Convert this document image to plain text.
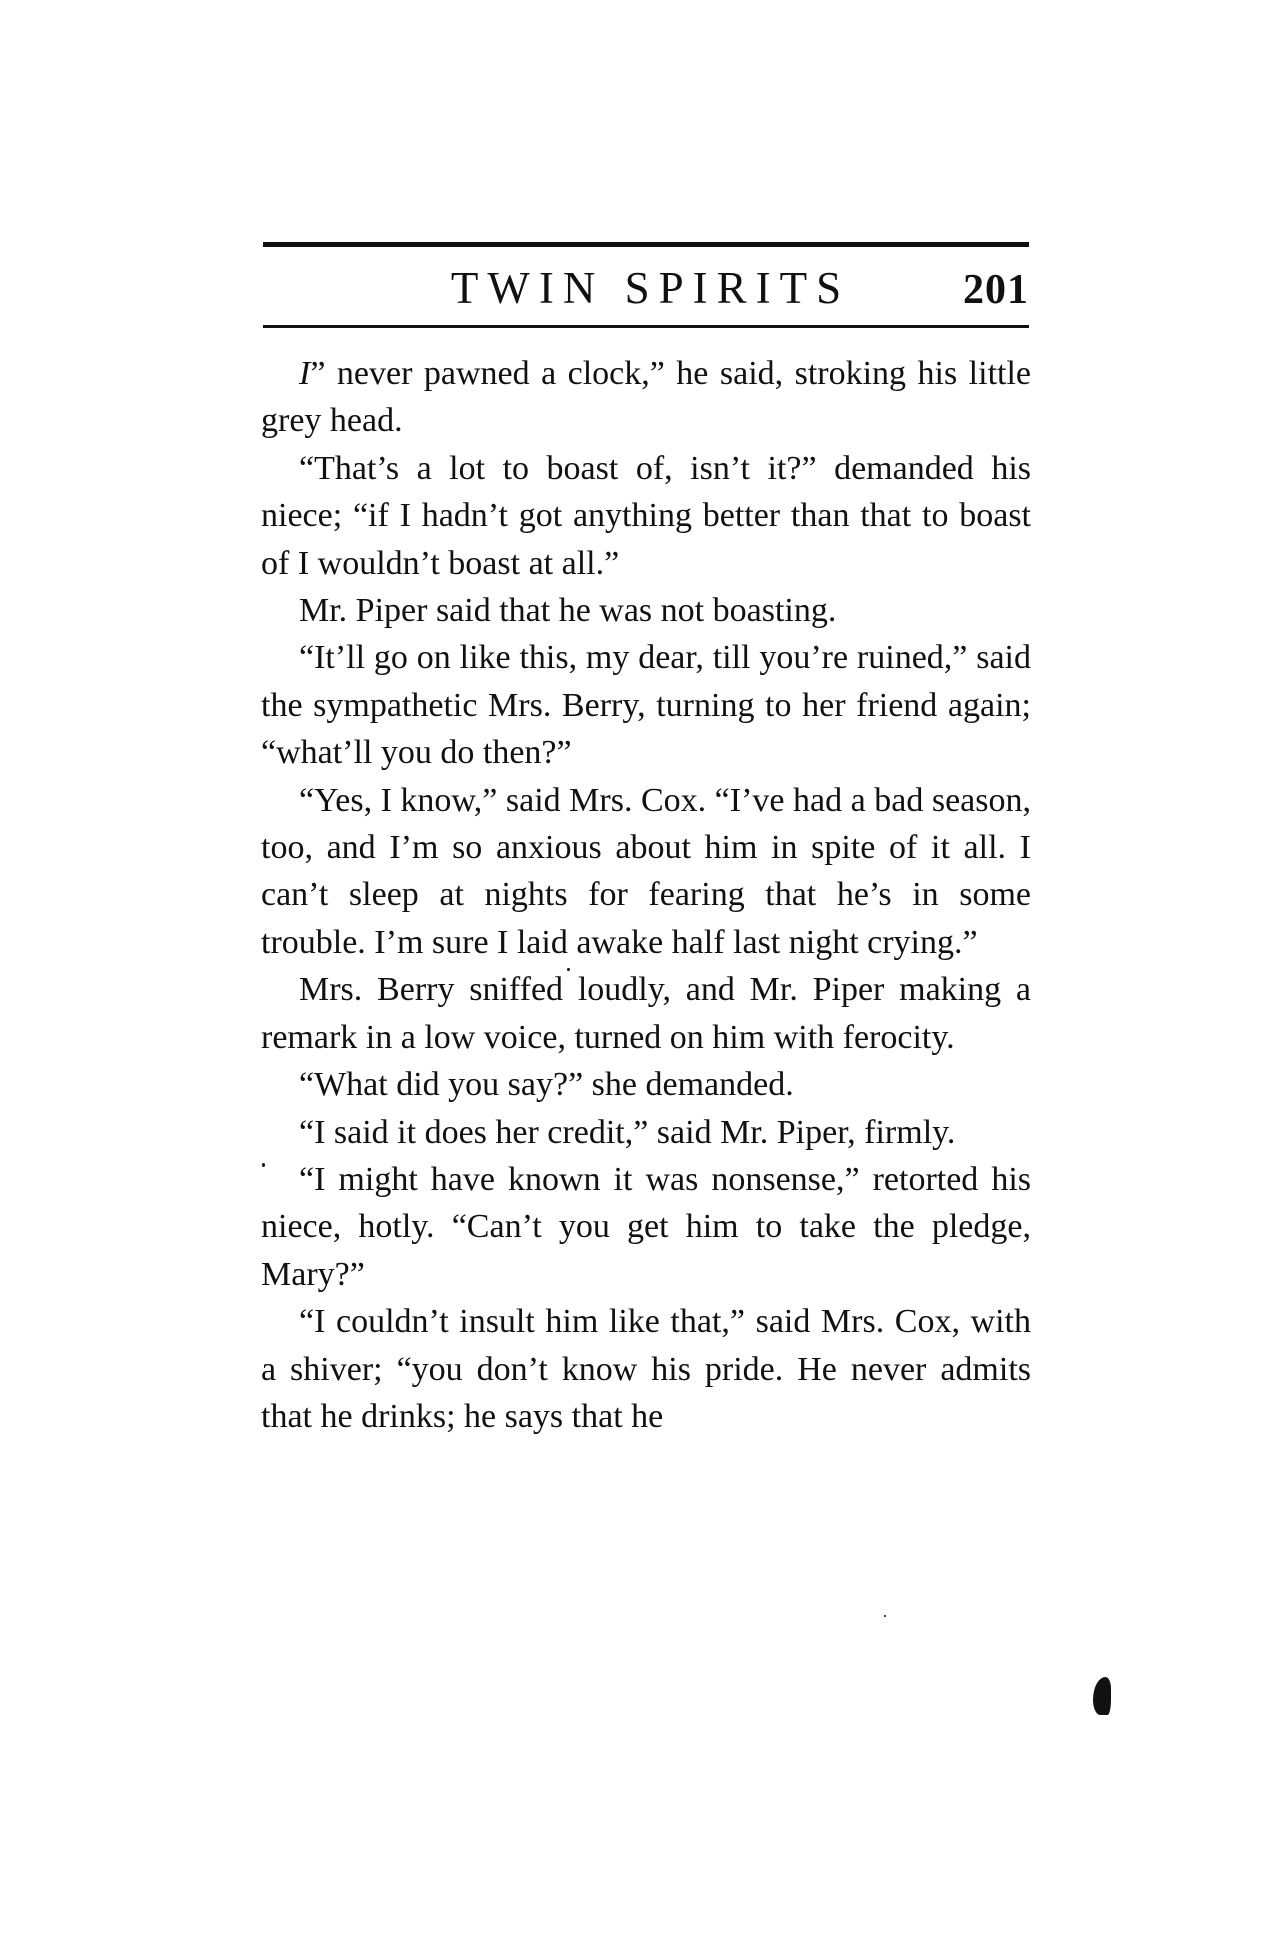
TWIN SPIRITS	201

I” never pawned a clock,” he said, stroking his little grey head.

“That’s a lot to boast of, isn’t it?” demanded his niece; “if I hadn’t got anything better than that to boast of I wouldn’t boast at all.”

Mr. Piper said that he was not boasting.

“It’ll go on like this, my dear, till you’re ruined,” said the sympathetic Mrs. Berry, turning to her friend again; “what’ll you do then?”

“Yes, I know,” said Mrs. Cox. “I’ve had a bad season, too, and I’m so anxious about him in spite of it all. I can’t sleep at nights for fearing that he’s in some trouble. I’m sure I laid awake half last night crying.”

Mrs. Berry sniffed loudly, and Mr. Piper making a remark in a low voice, turned on him with ferocity.

“What did you say?” she demanded.

“I said it does her credit,” said Mr. Piper, firmly.

“I might have known it was nonsense,” retorted his niece, hotly. “Can’t you get him to take the pledge, Mary?”

“I couldn’t insult him like that,” said Mrs. Cox, with a shiver; “you don’t know his pride. He never admits that he drinks; he says that he
